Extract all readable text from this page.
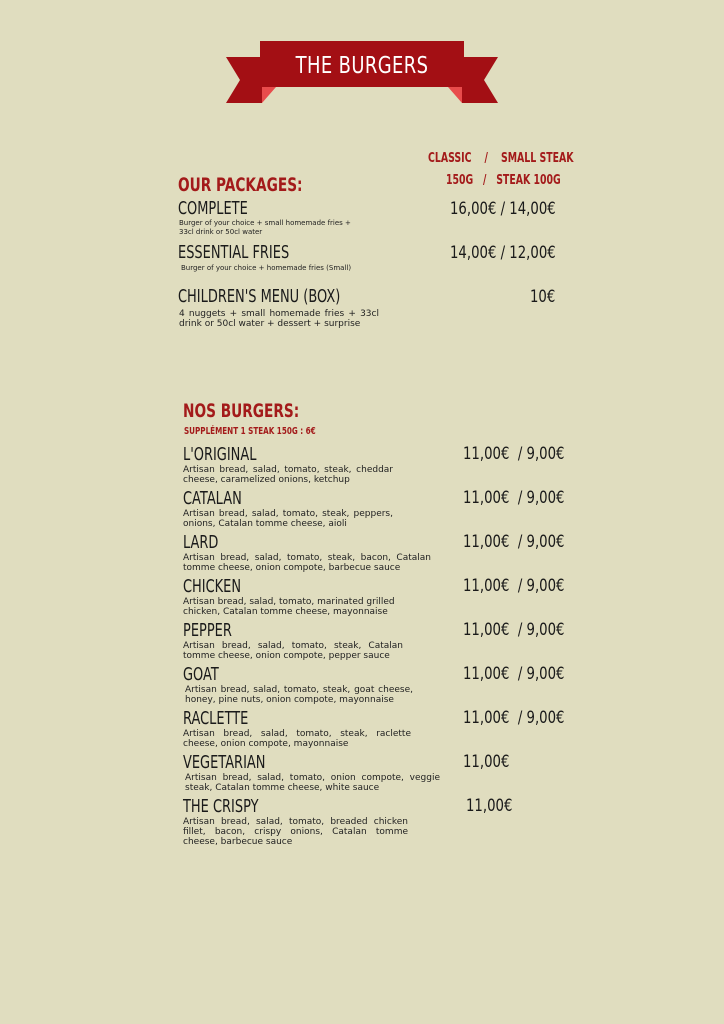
THE BURGERS
CLASSIC    /    SMALL STEAK
150G   /   STEAK 100G
OUR PACKAGES:
COMPLETE
Burger of your choice + small homemade fries + 33cl drink or 50cl water
16,00€ / 14,00€
ESSENTIAL FRIES
Burger of your choice + homemade fries (Small)
14,00€ / 12,00€
CHILDREN'S MENU (BOX)
4 nuggets + small homemade fries + 33cl drink or 50cl water + dessert + surprise
10€
NOS BURGERS:
SUPPLÉMENT 1 STEAK 150G : 6€
L'ORIGINAL
Artisan bread, salad, tomato, steak, cheddar cheese, caramelized onions, ketchup
11,00€  / 9,00€
CATALAN
Artisan bread, salad, tomato, steak, peppers, onions, Catalan tomme cheese, aioli
11,00€  / 9,00€
LARD
Artisan bread, salad, tomato, steak, bacon, Catalan tomme cheese, onion compote, barbecue sauce
11,00€  / 9,00€
CHICKEN
Artisan bread, salad, tomato, marinated grilled chicken, Catalan tomme cheese, mayonnaise
11,00€  / 9,00€
PEPPER
Artisan bread, salad, tomato, steak, Catalan tomme cheese, onion compote, pepper sauce
11,00€  / 9,00€
GOAT
Artisan bread, salad, tomato, steak, goat cheese, honey, pine nuts, onion compote, mayonnaise
11,00€  / 9,00€
RACLETTE
Artisan bread, salad, tomato, steak, raclette cheese, onion compote, mayonnaise
11,00€  / 9,00€
VEGETARIAN
Artisan bread, salad, tomato, onion compote, veggie steak, Catalan tomme cheese, white sauce
11,00€
THE CRISPY
Artisan bread, salad, tomato, breaded chicken fillet, bacon, crispy onions, Catalan tomme cheese, barbecue sauce
11,00€
